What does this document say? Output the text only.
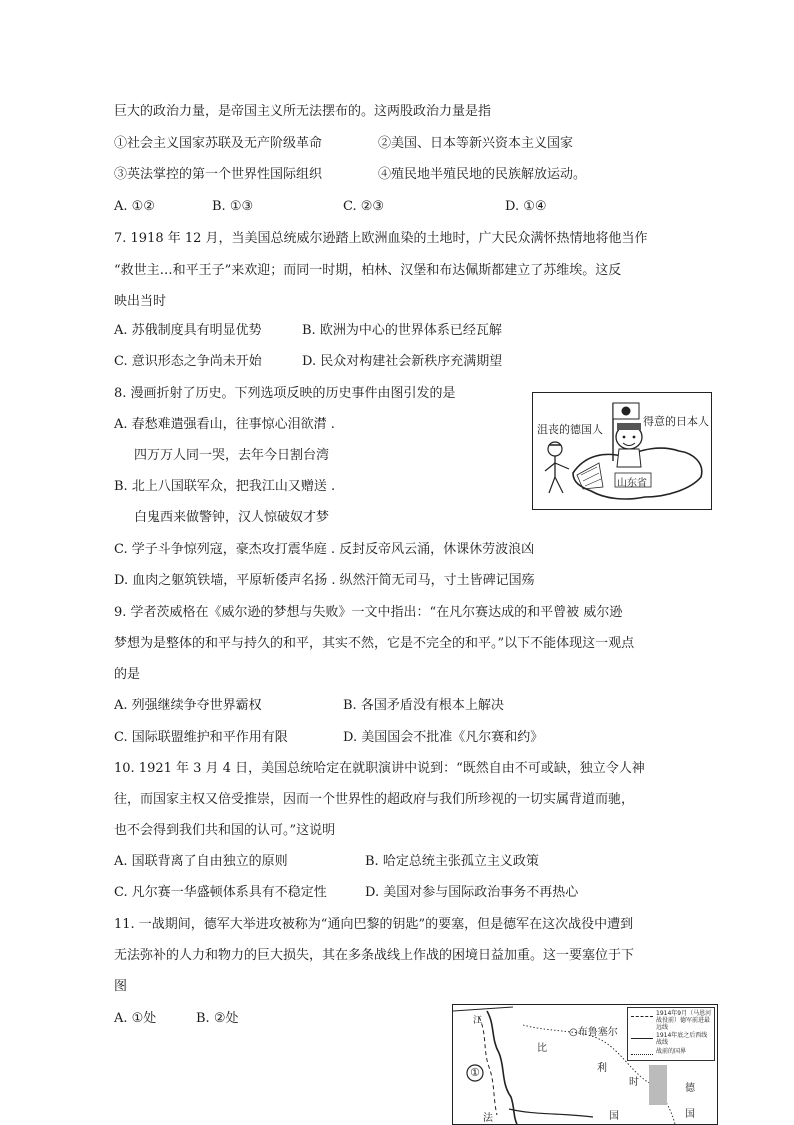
巨大的政治力量，是帝国主义所无法摆布的。这两股政治力量是指
①社会主义国家苏联及无产阶级革命	②美国、日本等新兴资本主义国家
③英法掌控的第一个世界性国际组织	④殖民地半殖民地的民族解放运动。
A. ①②	B. ①③	C. ②③	D. ①④
7. 1918 年 12 月，当美国总统威尔逊踏上欧洲血染的土地时，广大民众满怀热情地将他当作
“救世主…和平王子”来欢迎；而同一时期，柏林、汉堡和布达佩斯都建立了苏维埃。这反
映出当时
A. 苏俄制度具有明显优势	B. 欧洲为中心的世界体系已经瓦解
C. 意识形态之争尚未开始	D. 民众对构建社会新秩序充满期望
8. 漫画折射了历史。下列选项反映的历史事件由图引发的是
A. 春愁难遣强看山，往事惊心泪欲潸 .
四万万人同一哭，去年今日割台湾
B. 北上八国联军众，把我江山又赠送 .
白鬼西来做警钟，汉人惊破奴才梦
C. 学子斗争惊列寇，豪杰攻打震华庭 . 反封反帝风云涌，休课休劳波浪凶
D. 血肉之躯筑铁墙，平原斩倭声名扬 . 纵然汗简无司马，寸土皆碑记国殇
沮丧的德国人
得意的日本人
山东省
9. 学者茨威格在《威尔逊的梦想与失败》一文中指出：“在凡尔赛达成的和平曾被 威尔逊
梦想为是整体的和平与持久的和平，其实不然，它是不完全的和平。”以下不能体现这一观点
的是
A. 列强继续争夺世界霸权	B. 各国矛盾没有根本上解决
C. 国际联盟维护和平作用有限	D. 美国国会不批准《凡尔赛和约》
10. 1921 年 3 月 4 日，美国总统哈定在就职演讲中说到：“既然自由不可或缺，独立令人神
往，而国家主权又倍受推崇，因而一个世界性的超政府与我们所珍视的一切实属背道而驰，
也不会得到我们共和国的认可。”这说明
A. 国联背离了自由独立的原则	B. 哈定总统主张孤立主义政策
C. 凡尔赛一华盛顿体系具有不稳定性	D. 美国对参与国际政治事务不再热心
11. 一战期间，德军大举进攻被称为“通向巴黎的钥匙”的要塞，但是德军在这次战役中遭到
无法弥补的人力和物力的巨大损失，其在多条战线上作战的困境日益加重。这一要塞位于下
图
A. ①处	B. ②处	江
○布鲁塞尔
比
利
时
①
法	国
德
国
1914年9月（马恩河战役前）德军前进最远线
1914年底之后西线战线
战前的国界
